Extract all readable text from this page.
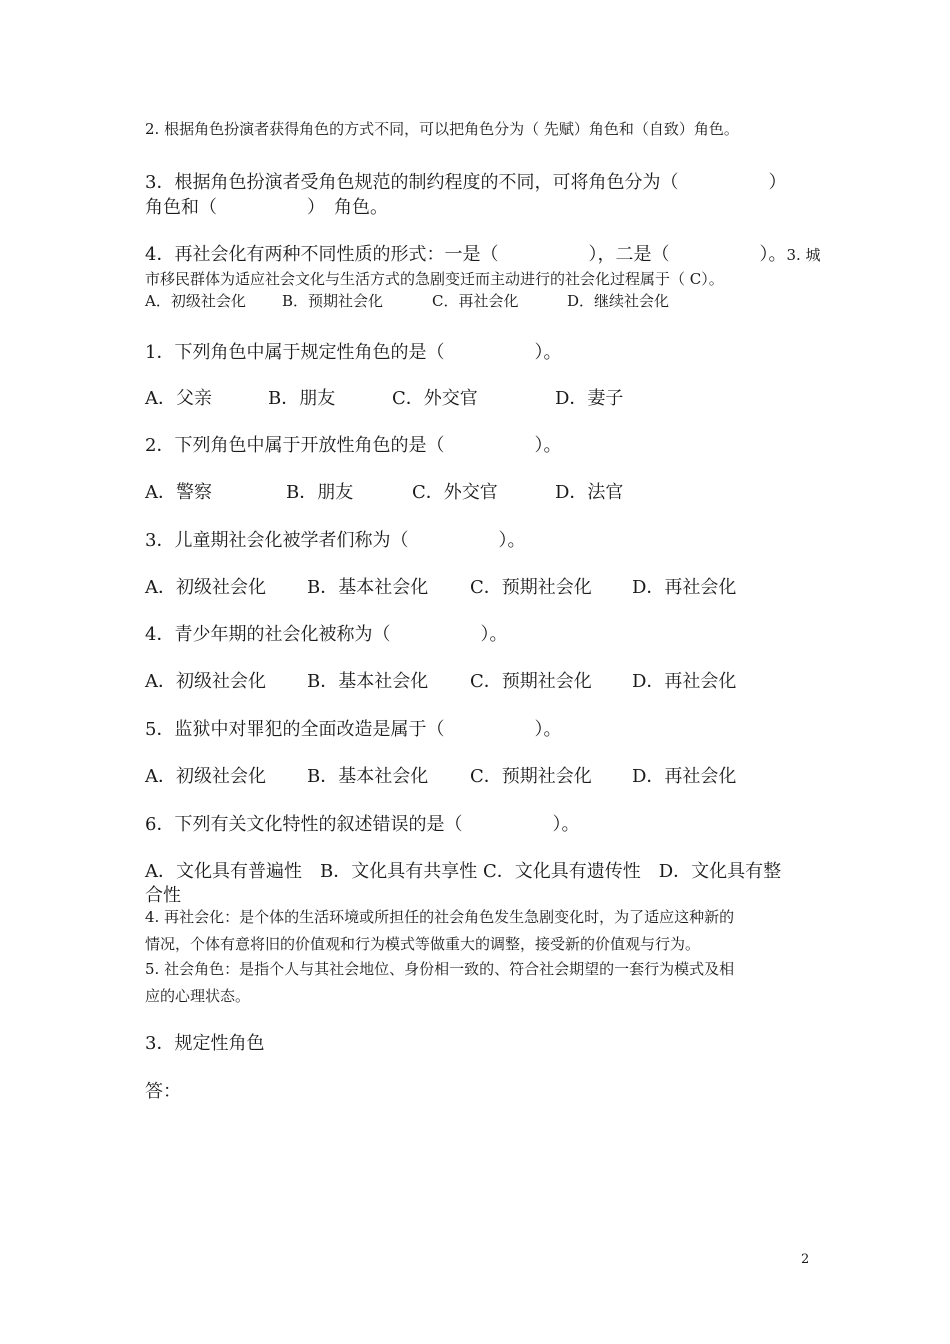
2. 根据角色扮演者获得角色的方式不同，可以把角色分为（ 先赋）角色和（自致）角色。
3．根据角色扮演者受角色规范的制约程度的不同，可将角色分为（　　　　　）
角色和（　　　　　）　角色。
4．再社会化有两种不同性质的形式：一是（　　　　　），二是（　　　　　）。3. 城
市移民群体为适应社会文化与生活方式的急剧变迁而主动进行的社会化过程属于（ C）。
A．初级社会化 B．预期社会化	C．再社会化	D．继续社会化
1．下列角色中属于规定性角色的是（　　　　　）。
A．父亲	B．朋友	C．外交官	D．妻子
2．下列角色中属于开放性角色的是（　　　　　）。
A．警察	B．朋友	C．外交官	D．法官
3．儿童期社会化被学者们称为（　　　　　）。
A．初级社会化 B．基本社会化 C．预期社会化 D．再社会化
4．青少年期的社会化被称为（　　　　　）。
A．初级社会化 B．基本社会化 C．预期社会化 D．再社会化
5．监狱中对罪犯的全面改造是属于（　　　　　）。
A．初级社会化 B．基本社会化 C．预期社会化 D．再社会化
6．下列有关文化特性的叙述错误的是（　　　　　）。
A．文化具有普遍性　B．文化具有共享性 C．文化具有遗传性　D．文化具有整
合性
4. 再社会化：是个体的生活环境或所担任的社会角色发生急剧变化时，为了适应这种新的
情况，个体有意将旧的价值观和行为模式等做重大的调整，接受新的价值观与行为。
5. 社会角色：是指个人与其社会地位、身份相一致的、符合社会期望的一套行为模式及相
应的心理状态。
3．规定性角色
答：
2
